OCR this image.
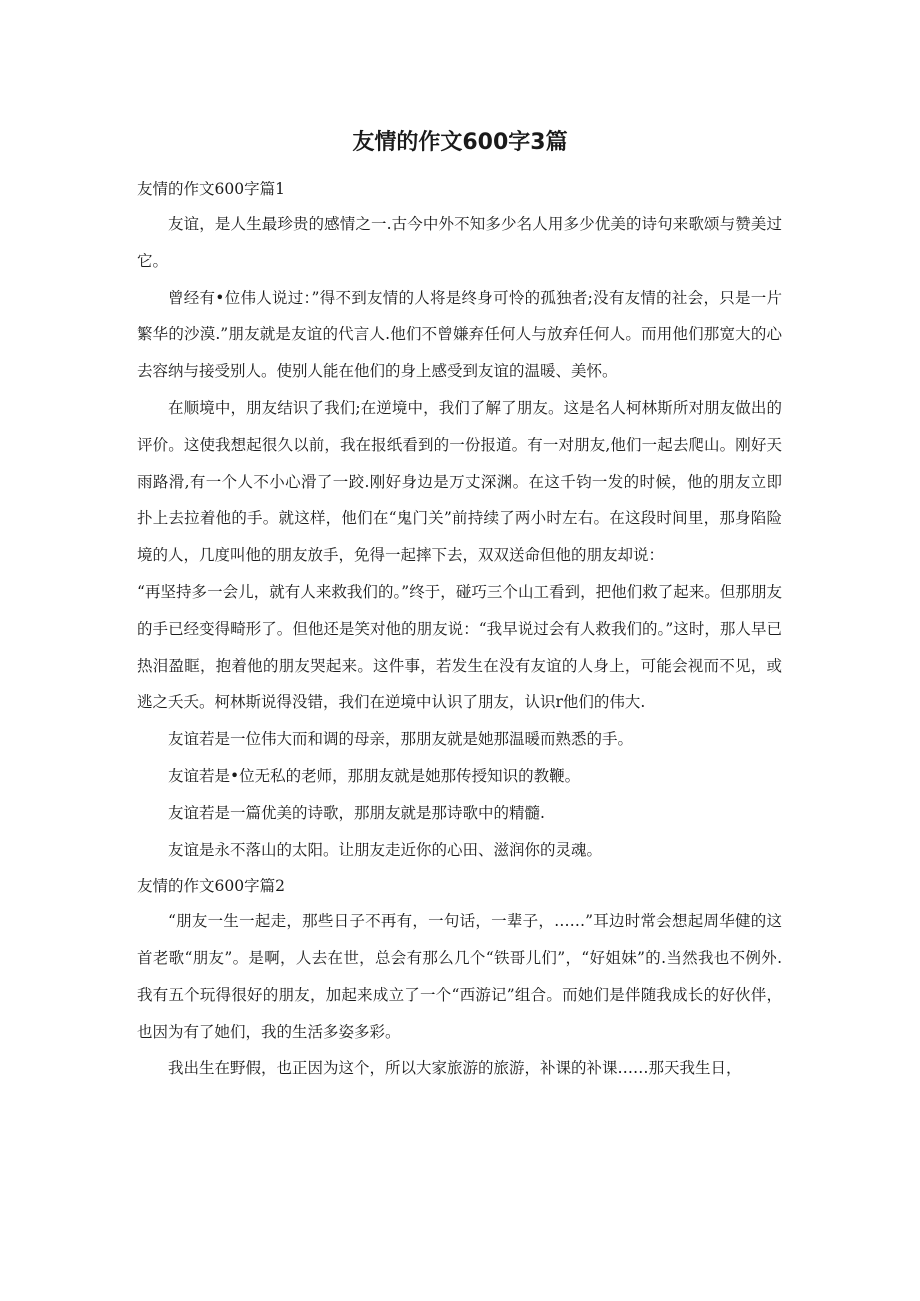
友情的作文600字3篇

友情的作文600字篇1

友谊，是人生最珍贵的感情之一.古今中外不知多少名人用多少优美的诗句来歌颂与赞美过它。

曾经有•位伟人说过：”得不到友情的人将是终身可怜的孤独者;没有友情的社会，只是一片繁华的沙漠.”朋友就是友谊的代言人.他们不曾嫌弃任何人与放弃任何人。而用他们那宽大的心去容纳与接受别人。使别人能在他们的身上感受到友谊的温暖、美怀。

在顺境中，朋友结识了我们;在逆境中，我们了解了朋友。这是名人柯林斯所对朋友做出的评价。这使我想起很久以前，我在报纸看到的一份报道。有一对朋友,他们一起去爬山。刚好天雨路滑,有一个人不小心滑了一跤.刚好身边是万丈深渊。在这千钧一发的时候，他的朋友立即扑上去拉着他的手。就这样，他们在“鬼门关”前持续了两小时左右。在这段时间里，那身陷险境的人，几度叫他的朋友放手，免得一起摔下去，双双送命但他的朋友却说：

“再坚持多一会儿，就有人来救我们的。”终于，碰巧三个山工看到，把他们救了起来。但那朋友的手已经变得畸形了。但他还是笑对他的朋友说：“我早说过会有人救我们的。”这时，那人早已热泪盈眶，抱着他的朋友哭起来。这件事，若发生在没有友谊的人身上，可能会视而不见，或逃之夭夭。柯林斯说得没错，我们在逆境中认识了朋友，认识r他们的伟大.

友谊若是一位伟大而和调的母亲，那朋友就是她那温暖而熟悉的手。

友谊若是•位无私的老师，那朋友就是她那传授知识的教鞭。

友谊若是一篇优美的诗歌，那朋友就是那诗歌中的精髓.

友谊是永不落山的太阳。让朋友走近你的心田、滋润你的灵魂。

友情的作文600字篇2

“朋友一生一起走，那些日子不再有，一句话，一辈子，……”耳边时常会想起周华健的这首老歌“朋友”。是啊，人去在世，总会有那么几个“铁哥儿们”，“好姐妹”的.当然我也不例外.我有五个玩得很好的朋友，加起来成立了一个“西游记”组合。而她们是伴随我成长的好伙伴，也因为有了她们，我的生活多姿多彩。

我出生在野假，也正因为这个，所以大家旅游的旅游，补课的补课……那天我生日，
